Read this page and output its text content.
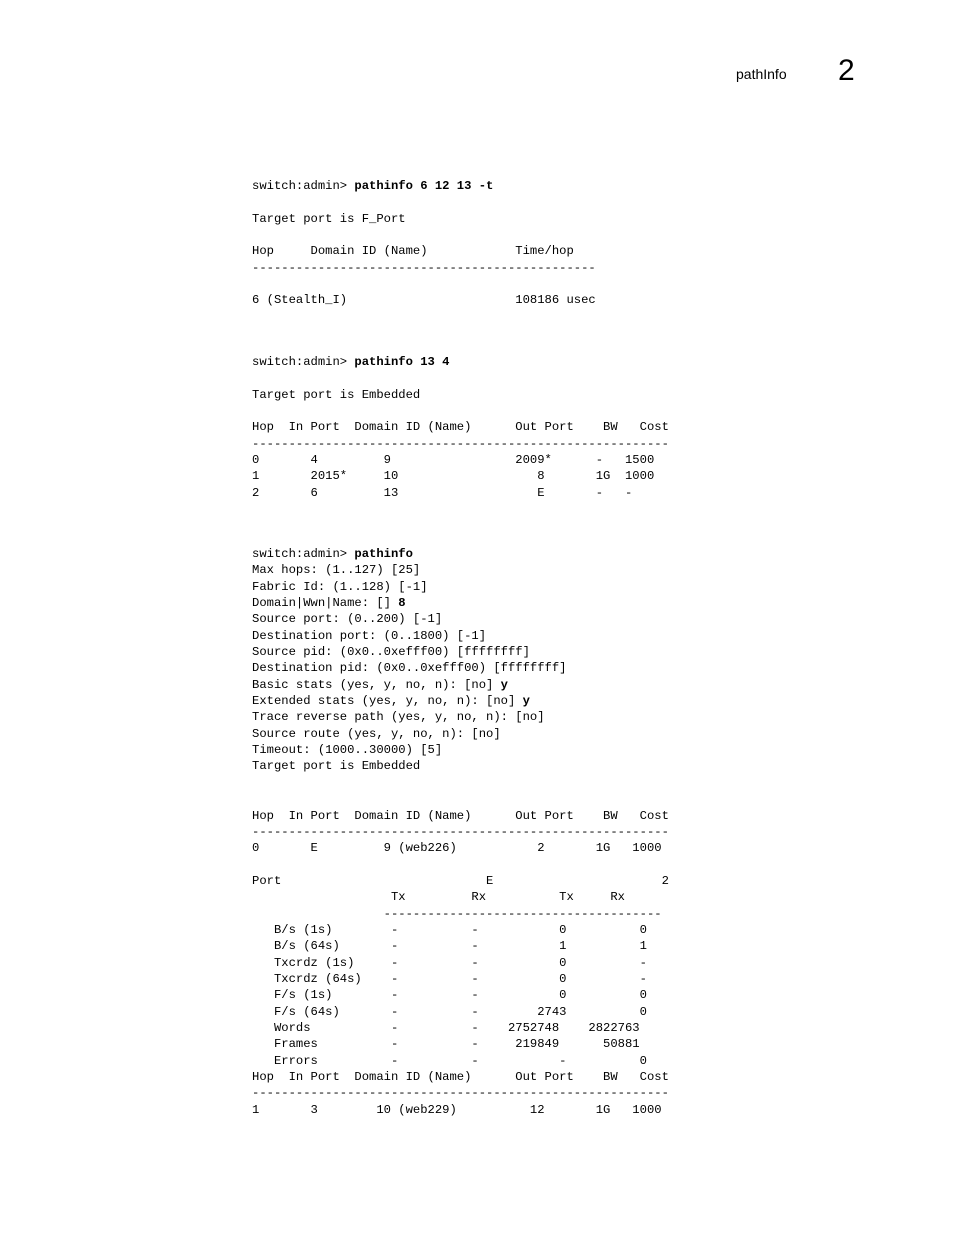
pathInfo 2
switch:admin> pathinfo 6 12 13 -t

Target port is F_Port

Hop     Domain ID (Name)            Time/hop
-----------------------------------------------

6 (Stealth_I)                       108186 usec
switch:admin> pathinfo 13 4

Target port is Embedded

Hop  In Port  Domain ID (Name)      Out Port    BW   Cost
---------------------------------------------------------
0       4         9                 2009*      -   1500
1       2015*     10                   8       1G  1000
2       6         13                   E       -   -
switch:admin> pathinfo
Max hops: (1..127) [25]
Fabric Id: (1..128) [-1]
Domain|Wwn|Name: [] 8
Source port: (0..200) [-1]
Destination port: (0..1800) [-1]
Source pid: (0x0..0xefff00) [ffffffff]
Destination pid: (0x0..0xefff00) [ffffffff]
Basic stats (yes, y, no, n): [no] y
Extended stats (yes, y, no, n): [no] y
Trace reverse path (yes, y, no, n): [no]
Source route (yes, y, no, n): [no]
Timeout: (1000..30000) [5]
Target port is Embedded

Hop  In Port  Domain ID (Name)      Out Port    BW   Cost
---------------------------------------------------------
0       E         9 (web226)           2       1G   1000

Port                            E                       2
Tx         Rx          Tx     Rx
--------------------------------------
B/s (1s)        -          -           0          0
B/s (64s)       -          -           1          1
Txcrdz (1s)     -          -           0          -
Txcrdz (64s)    -          -           0          -
F/s (1s)        -          -           0          0
F/s (64s)       -          -        2743          0
Words           -          -    2752748    2822763
Frames          -          -     219849      50881
Errors          -          -           -          0
Hop  In Port  Domain ID (Name)      Out Port    BW   Cost
---------------------------------------------------------
1       3        10 (web229)          12       1G   1000
